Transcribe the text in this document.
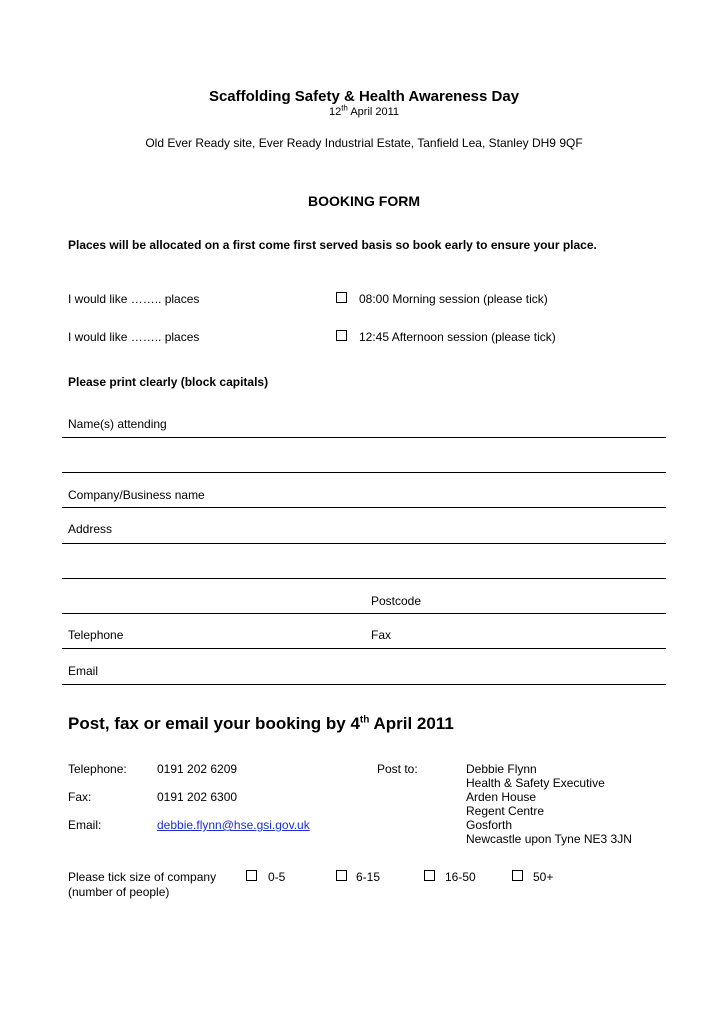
Scaffolding Safety & Health Awareness Day
12th April 2011
Old Ever Ready site, Ever Ready Industrial Estate, Tanfield Lea, Stanley DH9 9QF
BOOKING FORM
Places will be allocated on a first come first served basis so book early to ensure your place.
I would like …….. places	08:00 Morning session (please tick)
I would like …….. places	12:45 Afternoon session (please tick)
Please print clearly (block capitals)
Name(s) attending
Company/Business name
Address
Postcode
Telephone	Fax
Email
Post, fax or email your booking by 4th April 2011
Telephone:	0191 202 6209
Fax:	0191 202 6300
Email:	debbie.flynn@hse.gsi.gov.uk
Post to:	Debbie Flynn
Health & Safety Executive
Arden House
Regent Centre
Gosforth
Newcastle upon Tyne NE3 3JN
Please tick size of company
(number of people)
0-5	6-15	16-50	50+
